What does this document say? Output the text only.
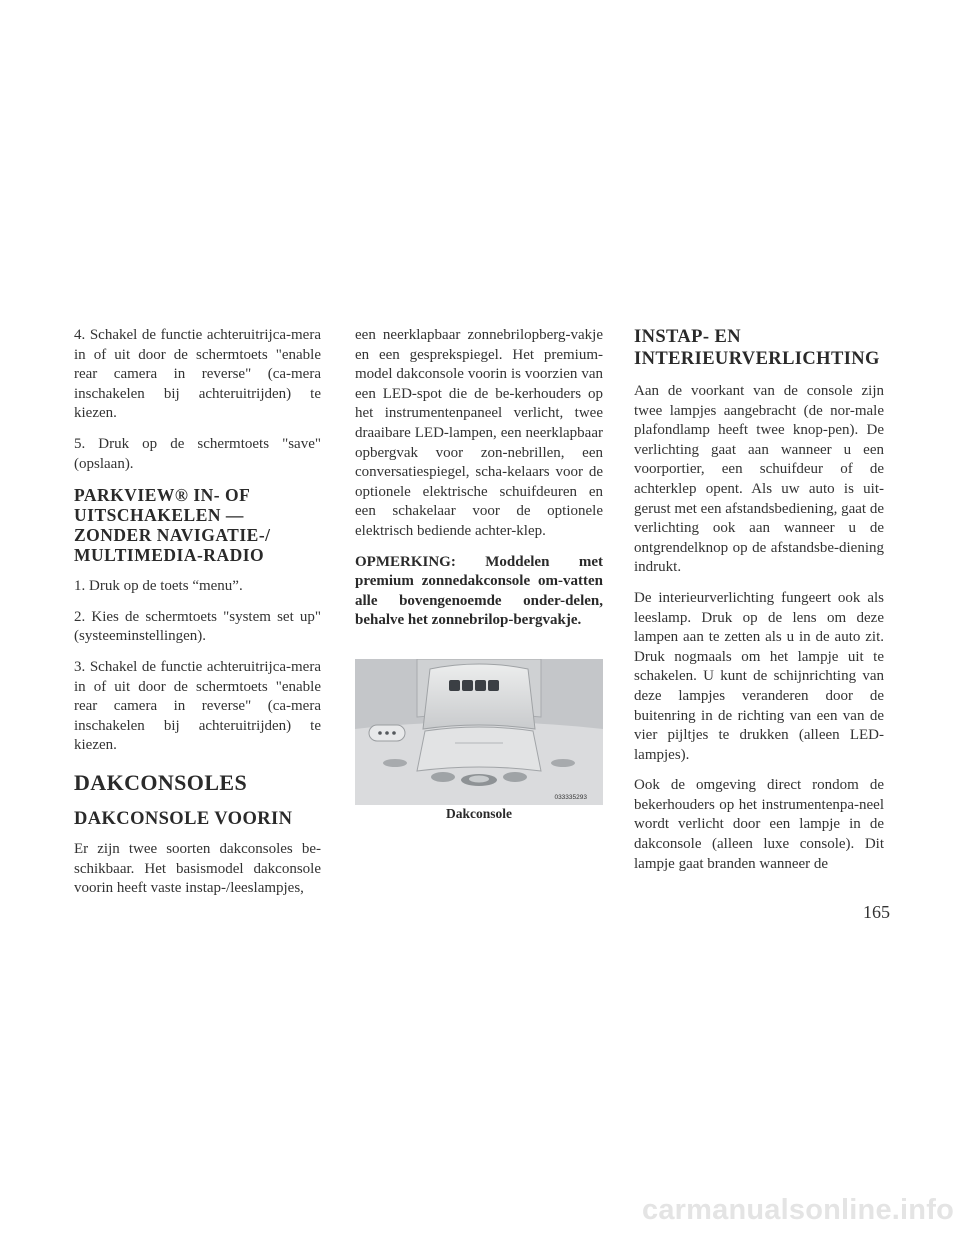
4. Schakel de functie achteruitrijca-mera in of uit door de schermtoets "enable rear camera in reverse" (ca-mera inschakelen bij achteruitrijden) te kiezen.

5. Druk op de schermtoets "save" (opslaan).

PARKVIEW® IN- OF UITSCHAKELEN — ZONDER NAVIGATIE-/ MULTIMEDIA-RADIO

1. Druk op de toets “menu”.

2. Kies de schermtoets "system set up" (systeeminstellingen).

3. Schakel de functie achteruitrijca-mera in of uit door de schermtoets "enable rear camera in reverse" (ca-mera inschakelen bij achteruitrijden) te kiezen.

DAKCONSOLES
DAKCONSOLE VOORIN

Er zijn twee soorten dakconsoles be-schikbaar. Het basismodel dakconsole voorin heeft vaste instap-/leeslampjes,

een neerklapbaar zonnebrilopberg-vakje en een gesprekspiegel. Het premium-model dakconsole voorin is voorzien van een LED-spot die de be-kerhouders op het instrumentenpaneel verlicht, twee draaibare LED-lampen, een neerklapbaar opbergvak voor zon-nebrillen, een conversatiespiegel, scha-kelaars voor de optionele elektrische schuifdeuren en een schakelaar voor de optionele elektrisch bediende achter-klep.

OPMERKING: Moddelen met premium zonnedakconsole om-vatten alle bovengenoemde onder-delen, behalve het zonnebrilop-bergvakje.

033335293
Dakconsole
INSTAP- EN INTERIEURVERLICHTING

Aan de voorkant van de console zijn twee lampjes aangebracht (de nor-male plafondlamp heeft twee knop-pen). De verlichting gaat aan wanneer u een voorportier, een schuifdeur of de achterklep opent. Als uw auto is uit-gerust met een afstandsbediening, gaat de verlichting ook aan wanneer u de ontgrendelknop op de afstandsbe-diening indrukt.

De interieurverlichting fungeert ook als leeslamp. Druk op de lens om deze lampen aan te zetten als u in de auto zit. Druk nogmaals om het lampje uit te schakelen. U kunt de schijnrichting van deze lampjes veranderen door de buitenring in de richting van een van de vier pijltjes te drukken (alleen LED-lampjes).

Ook de omgeving direct rondom de bekerhouders op het instrumentenpa-neel wordt verlicht door een lampje in de dakconsole (alleen luxe console). Dit lampje gaat branden wanneer de

165
carmanualsonline.info
